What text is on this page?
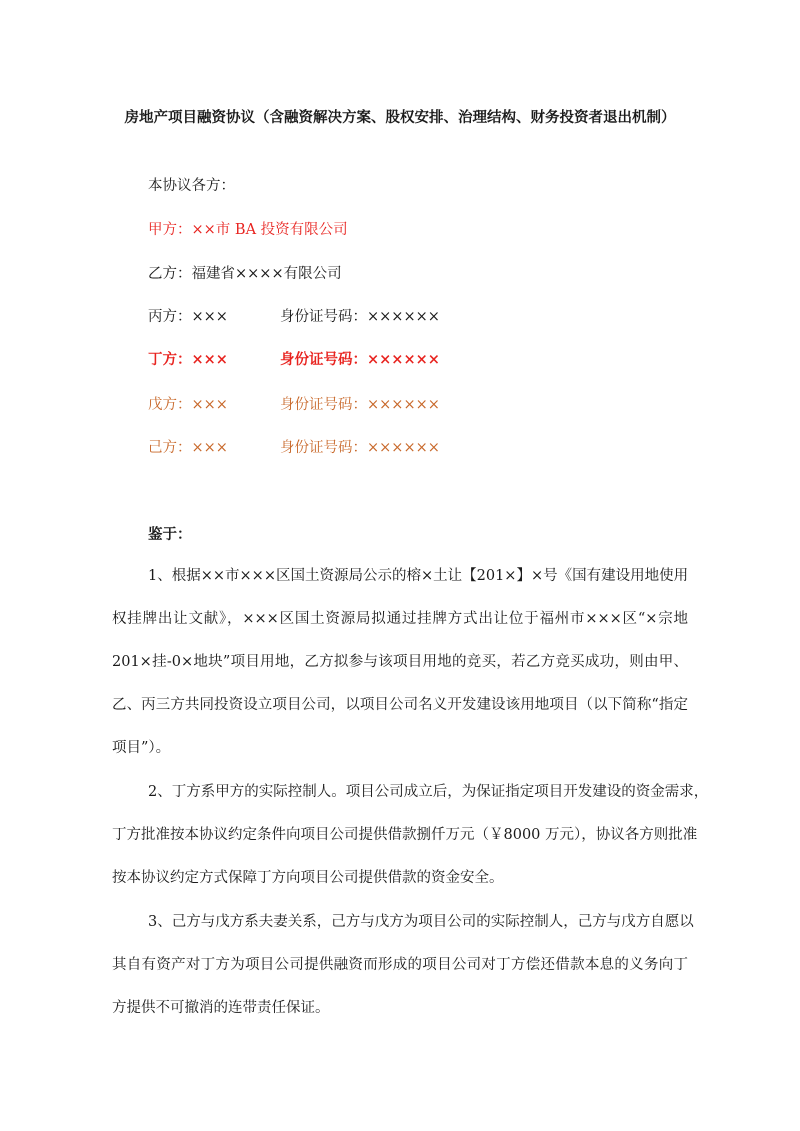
房地产项目融资协议（含融资解决方案、股权安排、治理结构、财务投资者退出机制）
本协议各方：
甲方：××市 BA 投资有限公司
乙方：福建省××××有限公司
丙方：×××	身份证号码：××××××
丁方：×××	身份证号码：××××××
戊方：×××	身份证号码：××××××
己方：×××	身份证号码：××××××
鉴于：
1、根据××市×××区国土资源局公示的榕×土让【201×】×号《国有建设用地使用
权挂牌出让文献》，×××区国土资源局拟通过挂牌方式出让位于福州市×××区“×宗地
201×挂-0×地块”项目用地，乙方拟参与该项目用地的竞买，若乙方竞买成功，则由甲、
乙、丙三方共同投资设立项目公司，以项目公司名义开发建设该用地项目（以下简称“指定
项目”）。
2、丁方系甲方的实际控制人。项目公司成立后，为保证指定项目开发建设的资金需求，
丁方批准按本协议约定条件向项目公司提供借款捌仟万元（￥8000 万元），协议各方则批准
按本协议约定方式保障丁方向项目公司提供借款的资金安全。
3、己方与戊方系夫妻关系，己方与戊方为项目公司的实际控制人，己方与戊方自愿以
其自有资产对丁方为项目公司提供融资而形成的项目公司对丁方偿还借款本息的义务向丁
方提供不可撤消的连带责任保证。
